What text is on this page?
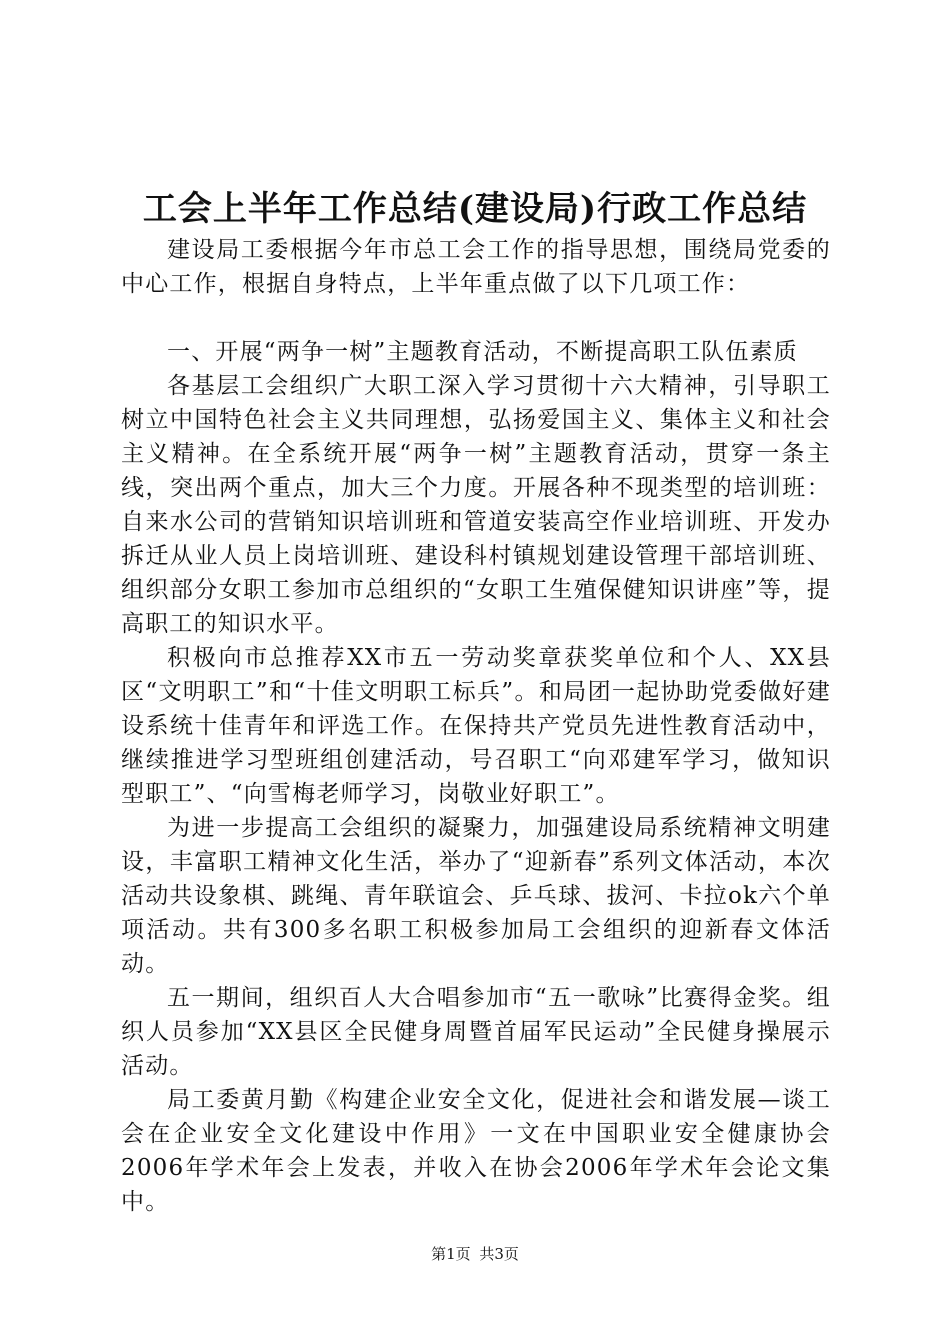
工会上半年工作总结(建设局)行政工作总结

建设局工委根据今年市总工会工作的指导思想，围绕局党委的中心工作，根据自身特点，上半年重点做了以下几项工作：

一、开展“两争一树”主题教育活动，不断提高职工队伍素质

各基层工会组织广大职工深入学习贯彻十六大精神，引导职工树立中国特色社会主义共同理想，弘扬爱国主义、集体主义和社会主义精神。在全系统开展“两争一树”主题教育活动，贯穿一条主线，突出两个重点，加大三个力度。开展各种不现类型的培训班：自来水公司的营销知识培训班和管道安装高空作业培训班、开发办拆迁从业人员上岗培训班、建设科村镇规划建设管理干部培训班、组织部分女职工参加市总组织的“女职工生殖保健知识讲座”等，提高职工的知识水平。

积极向市总推荐XX市五一劳动奖章获奖单位和个人、XX县区“文明职工”和“十佳文明职工标兵”。和局团一起协助党委做好建设系统十佳青年和评选工作。在保持共产党员先进性教育活动中，继续推进学习型班组创建活动，号召职工“向邓建军学习，做知识型职工”、“向雪梅老师学习，岗敬业好职工”。

为进一步提高工会组织的凝聚力，加强建设局系统精神文明建设，丰富职工精神文化生活，举办了“迎新春”系列文体活动，本次活动共设象棋、跳绳、青年联谊会、乒乓球、拔河、卡拉ok六个单项活动。共有300多名职工积极参加局工会组织的迎新春文体活动。

五一期间，组织百人大合唱参加市“五一歌咏”比赛得金奖。组织人员参加“XX县区全民健身周暨首届军民运动”全民健身操展示活动。

局工委黄月勤《构建企业安全文化，促进社会和谐发展—谈工会在企业安全文化建设中作用》一文在中国职业安全健康协会2006年学术年会上发表，并收入在协会2006年学术年会论文集中。

第1页 共3页
